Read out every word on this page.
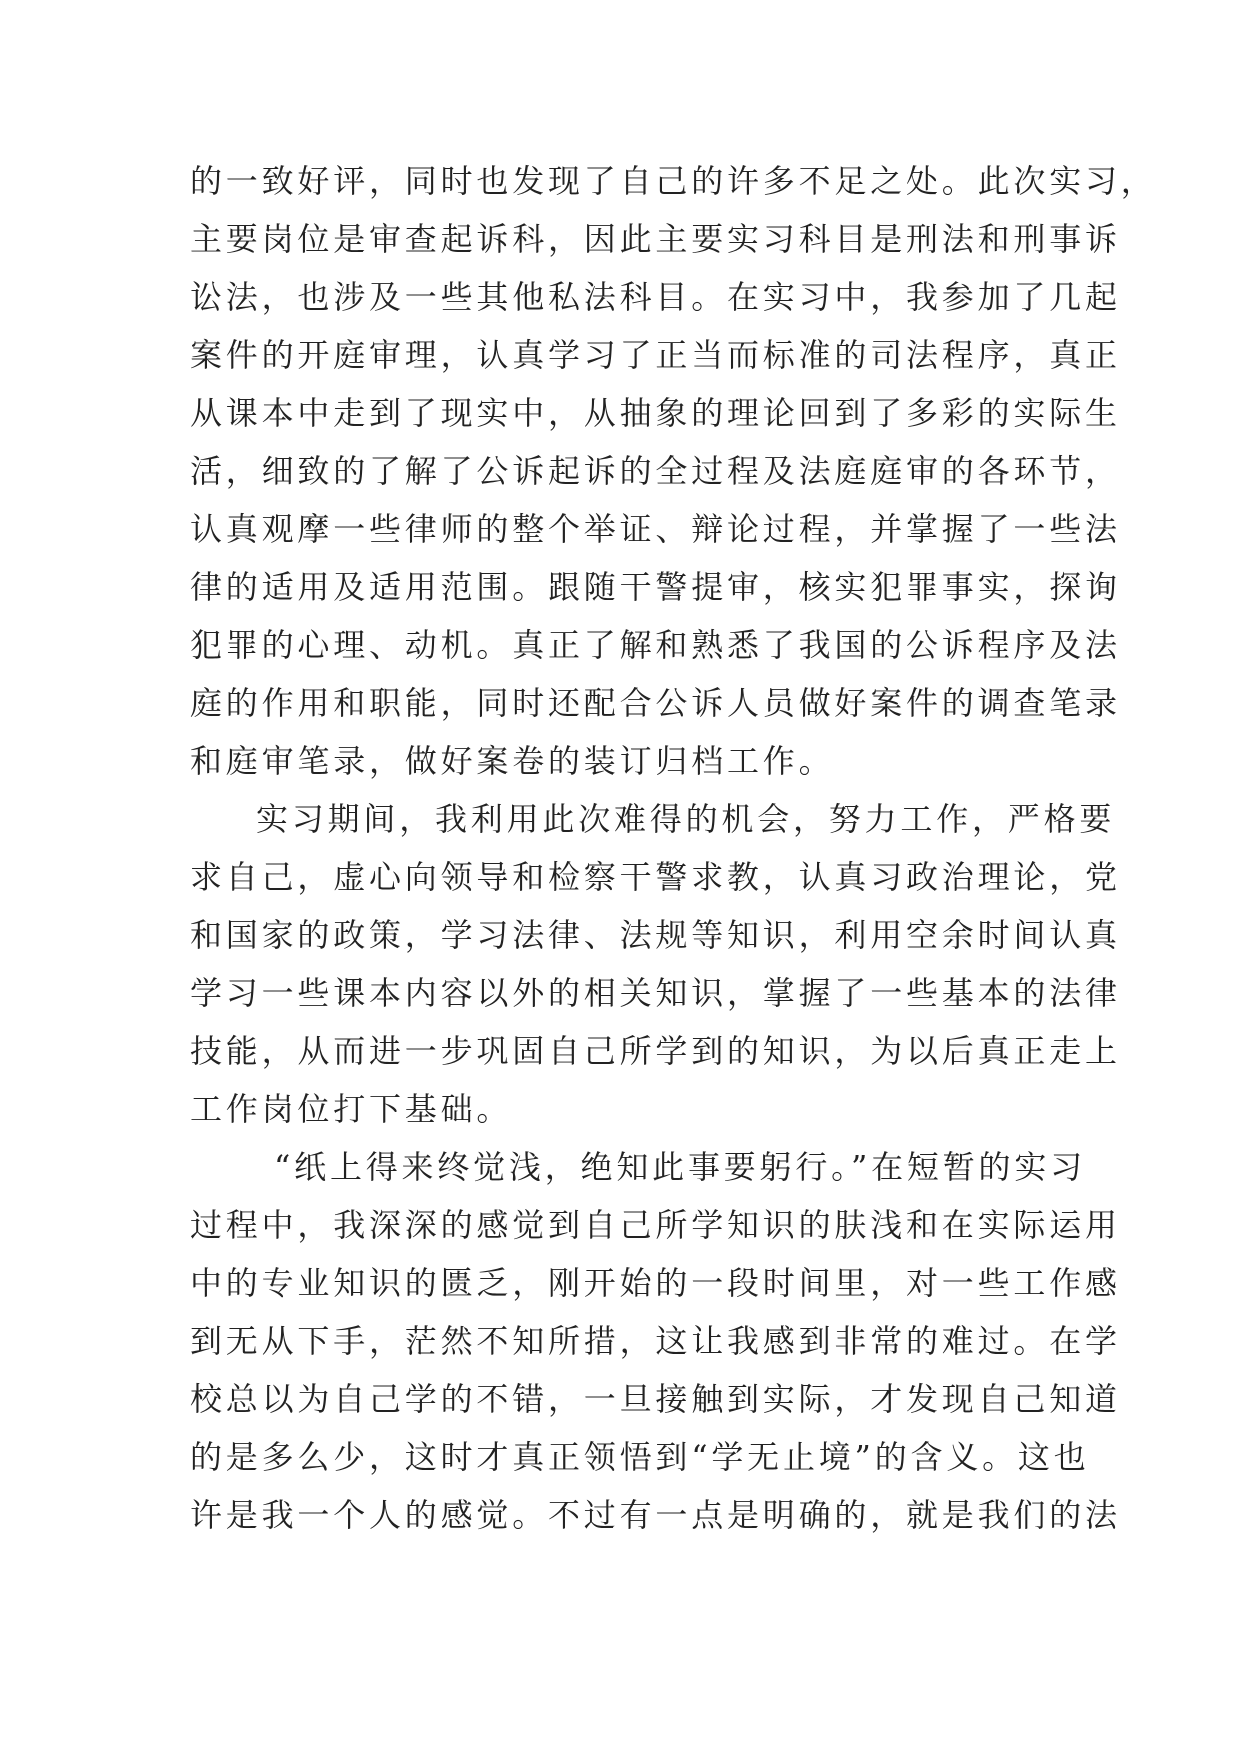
的一致好评，同时也发现了自己的许多不足之处。此次实习，
主要岗位是审查起诉科，因此主要实习科目是刑法和刑事诉
讼法，也涉及一些其他私法科目。在实习中，我参加了几起
案件的开庭审理，认真学习了正当而标准的司法程序，真正
从课本中走到了现实中，从抽象的理论回到了多彩的实际生
活，细致的了解了公诉起诉的全过程及法庭庭审的各环节，
认真观摩一些律师的整个举证、辩论过程，并掌握了一些法
律的适用及适用范围。跟随干警提审，核实犯罪事实，探询
犯罪的心理、动机。真正了解和熟悉了我国的公诉程序及法
庭的作用和职能，同时还配合公诉人员做好案件的调查笔录
和庭审笔录，做好案卷的装订归档工作。
实习期间，我利用此次难得的机会，努力工作，严格要
求自己，虚心向领导和检察干警求教，认真习政治理论，党
和国家的政策，学习法律、法规等知识，利用空余时间认真
学习一些课本内容以外的相关知识，掌握了一些基本的法律
技能，从而进一步巩固自己所学到的知识，为以后真正走上
工作岗位打下基础。
“纸上得来终觉浅，绝知此事要躬行。”在短暂的实习
过程中，我深深的感觉到自己所学知识的肤浅和在实际运用
中的专业知识的匮乏，刚开始的一段时间里，对一些工作感
到无从下手，茫然不知所措，这让我感到非常的难过。在学
校总以为自己学的不错，一旦接触到实际，才发现自己知道
的是多么少，这时才真正领悟到“学无止境”的含义。这也
许是我一个人的感觉。不过有一点是明确的，就是我们的法
